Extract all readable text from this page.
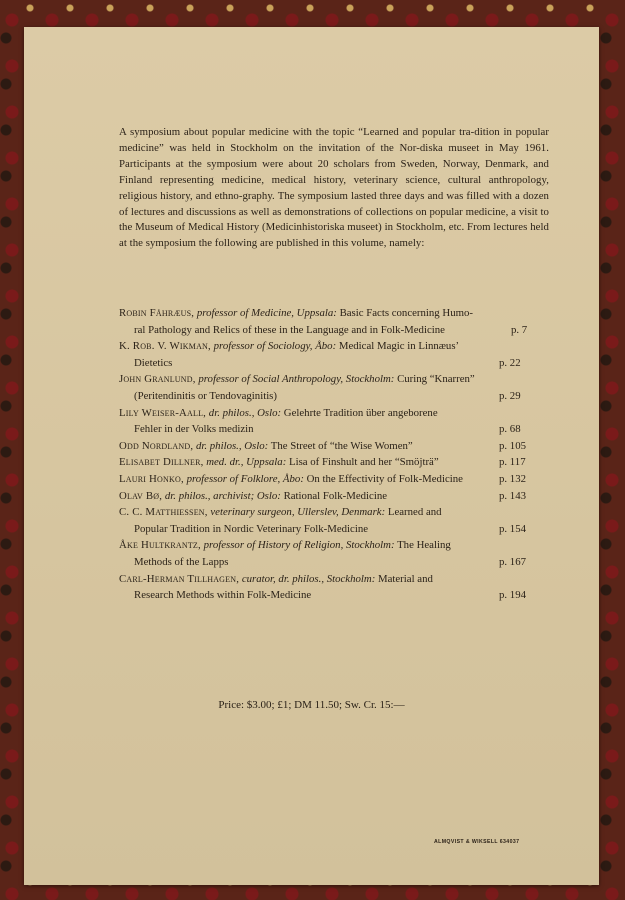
A symposium about popular medicine with the topic “Learned and popular tra-dition in popular medicine” was held in Stockholm on the invitation of the Nor-diska museet in May 1961. Participants at the symposium were about 20 scholars from Sweden, Norway, Denmark, and Finland representing medicine, medical history, veterinary science, cultural anthropology, religious history, and ethno-graphy. The symposium lasted three days and was filled with a dozen of lectures and discussions as well as demonstrations of collections on popular medicine, a visit to the Museum of Medical History (Medicinhistoriska museet) in Stockholm, etc. From lectures held at the symposium the following are published in this volume, namely:

Robin Fåhræus, professor of Medicine, Uppsala: Basic Facts concerning Humo-
ral Pathology and Relics of these in the Language and in Folk-Medicine	p. 7
K. Rob. V. Wikman, professor of Sociology, Åbo: Medical Magic in Linnæus’
Dietetics	p. 22
John Granlund, professor of Social Anthropology, Stockholm: Curing “Knarren”
(Peritendinitis or Tendovaginitis)	p. 29
Lily Weiser-Aall, dr. philos., Oslo: Gelehrte Tradition über angeborene
Fehler in der Volks medizin	p. 68
Odd Nordland, dr. philos., Oslo: The Street of “the Wise Women”	p. 105
Elisabet Dillner, med. dr., Uppsala: Lisa of Finshult and her “Smöjträ”	p. 117
Lauri Honko, professor of Folklore, Åbo: On the Effectivity of Folk-Medicine	p. 132
Olav Bø, dr. philos., archivist; Oslo: Rational Folk-Medicine	p. 143
C. C. Matthiessen, veterinary surgeon, Ullerslev, Denmark: Learned and
Popular Tradition in Nordic Veterinary Folk-Medicine	p. 154
Åke Hultkrantz, professor of History of Religion, Stockholm: The Healing
Methods of the Lapps	p. 167
Carl-Herman Tillhagen, curator, dr. philos., Stockholm: Material and
Research Methods within Folk-Medicine	p. 194
Price: $3.00; £1; DM 11.50; Sw. Cr. 15:—
ALMQVIST & WIKSELL 634037
